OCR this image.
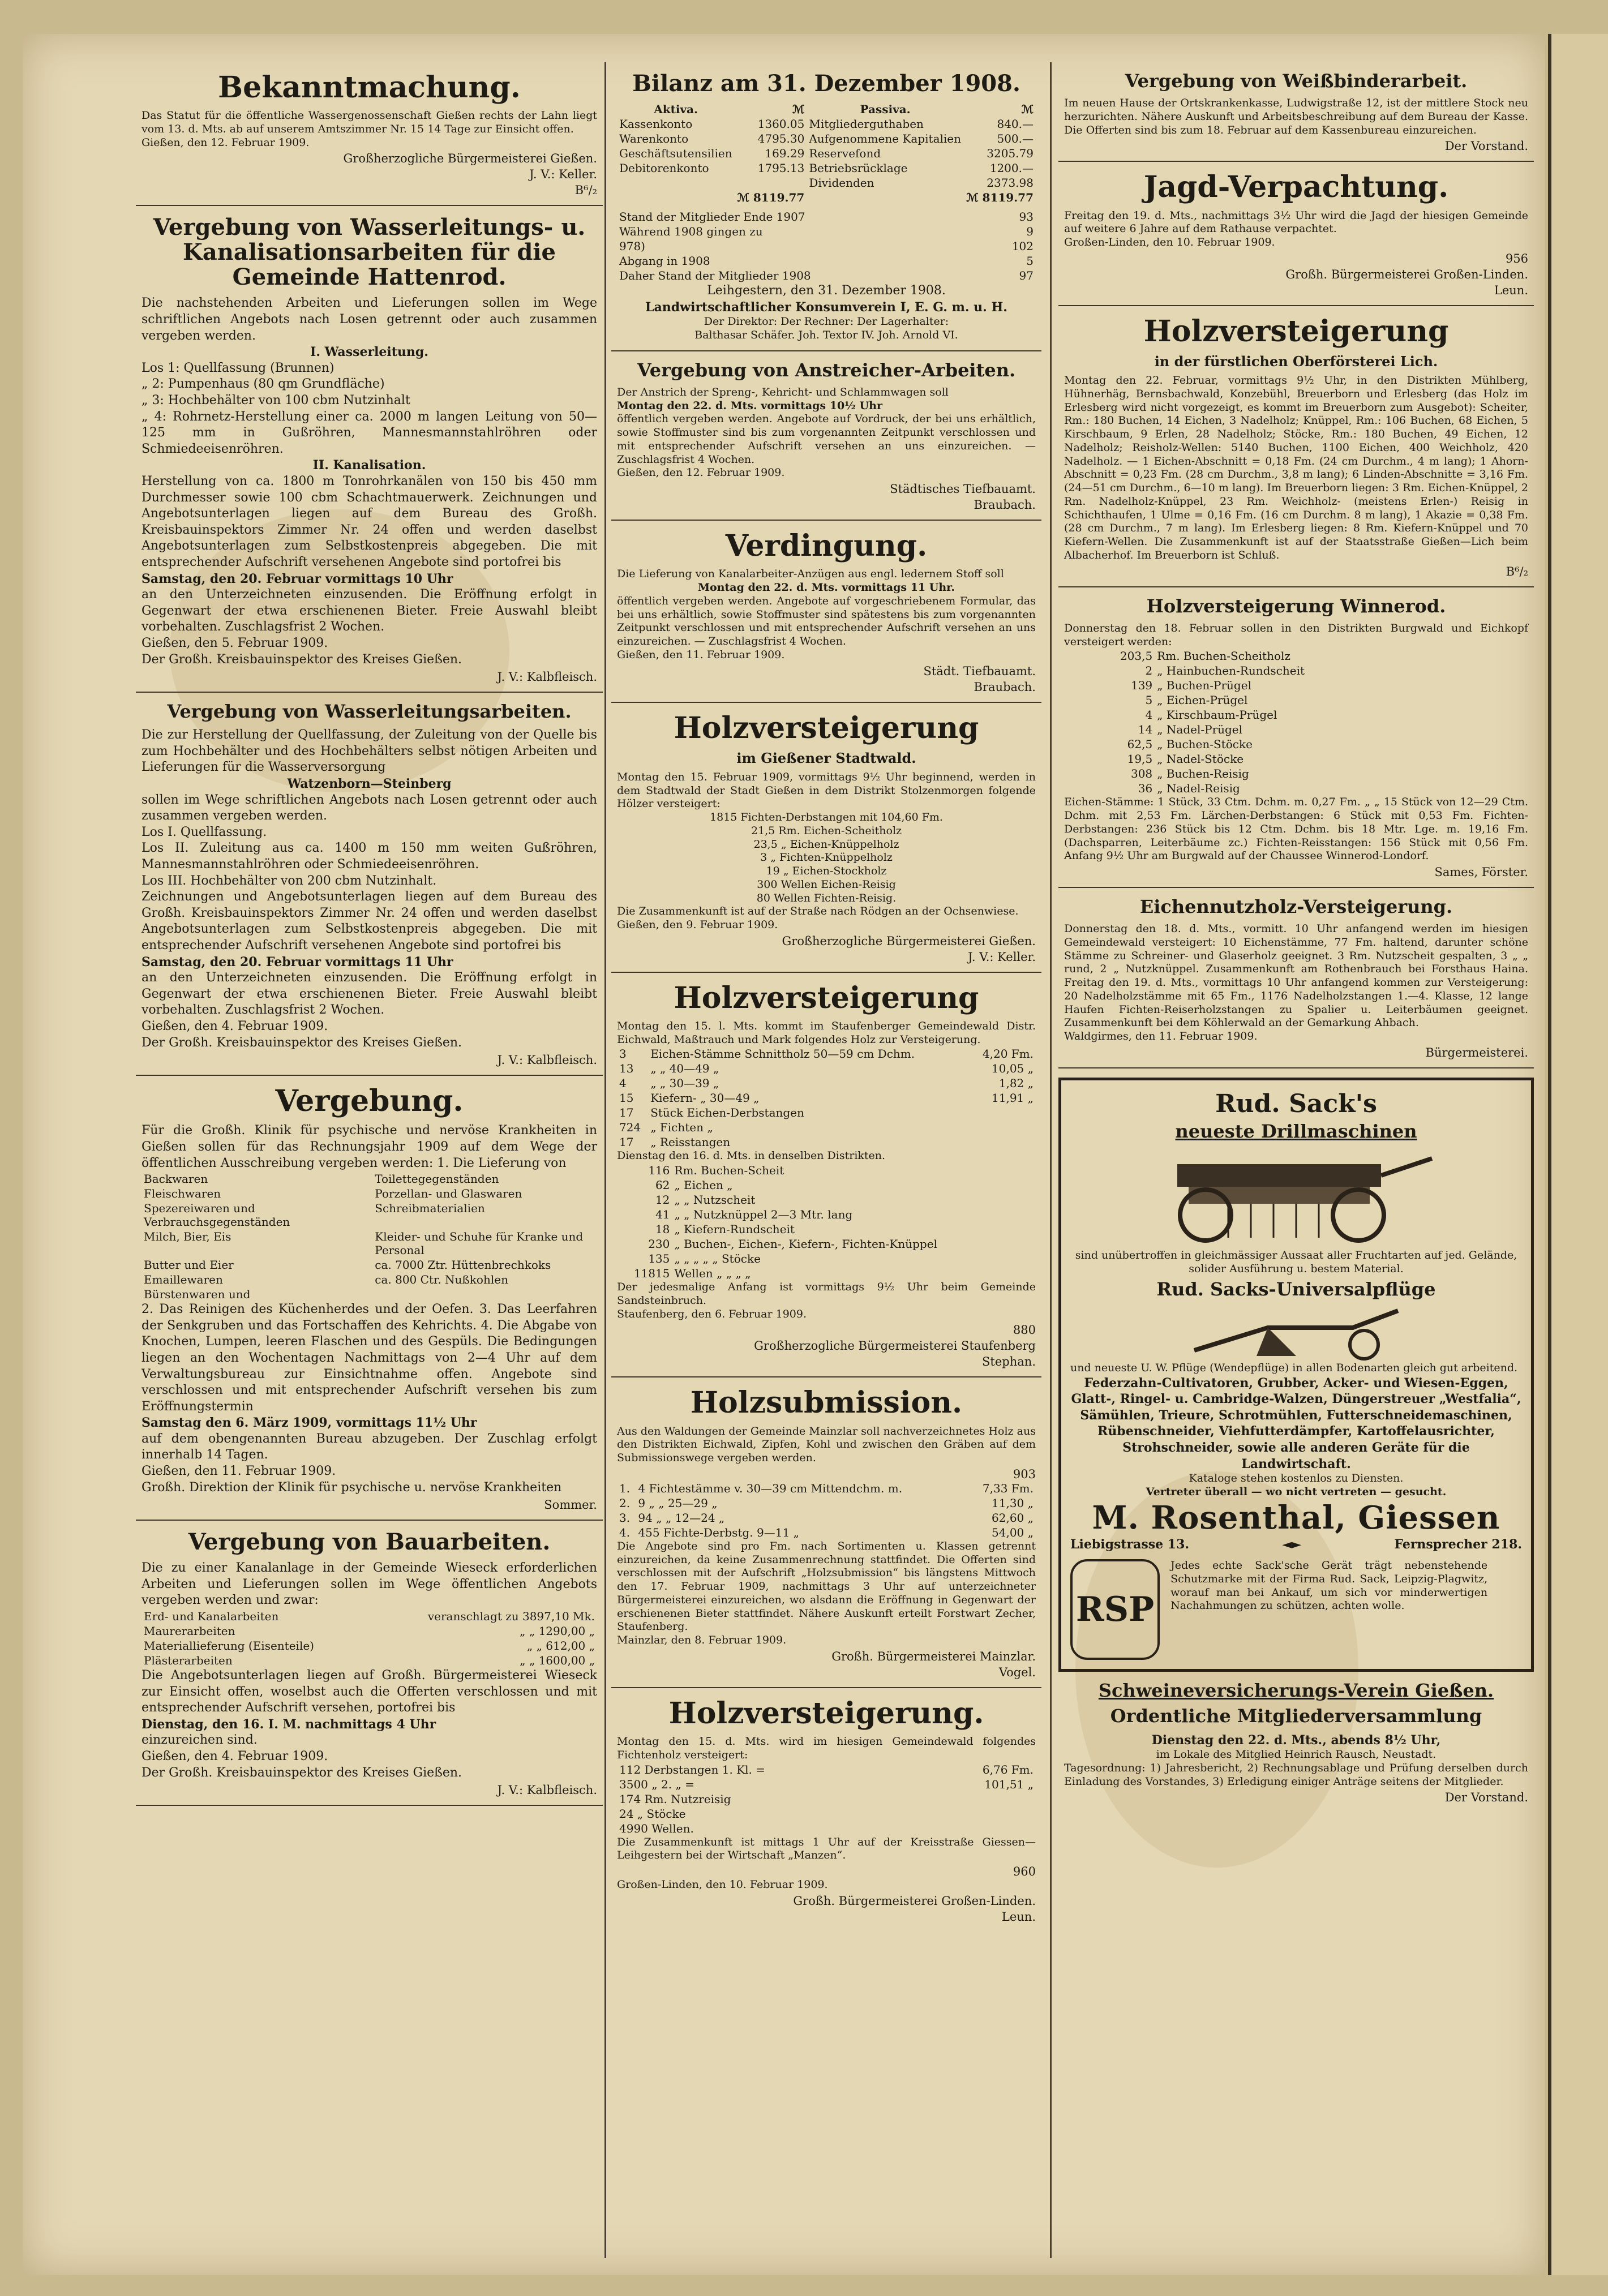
Bekanntmachung.
Das Statut für die öffentliche Wassergenossenschaft Gießen rechts der Lahn liegt vom 13. d. Mts. ab auf unserem Amtszimmer Nr. 15 14 Tage zur Einsicht offen.
Gießen, den 12. Februar 1909.
Großherzogliche Bürgermeisterei Gießen.
J. V.: Keller.
B⁶/₂
Vergebung von Wasserleitungs- u. Kanalisationsarbeiten für die Gemeinde Hattenrod.
Die nachstehenden Arbeiten und Lieferungen sollen im Wege schriftlichen Angebots nach Losen getrennt oder auch zusammen vergeben werden.
I. Wasserleitung.
Los 1: Quellfassung (Brunnen)
„ 2: Pumpenhaus (80 qm Grundfläche)
„ 3: Hochbehälter von 100 cbm Nutzinhalt
„ 4: Rohrnetz-Herstellung einer ca. 2000 m langen Leitung von 50—125 mm in Gußröhren, Mannesmannstahlröhren oder Schmiedeeisenröhren.
II. Kanalisation.
Herstellung von ca. 1800 m Tonrohrkanälen von 150 bis 450 mm Durchmesser sowie 100 cbm Schachtmauerwerk. Zeichnungen und Angebotsunterlagen liegen auf dem Bureau des Großh. Kreisbauinspektors Zimmer Nr. 24 offen und werden daselbst Angebotsunterlagen zum Selbstkostenpreis abgegeben. Die mit entsprechender Aufschrift versehenen Angebote sind portofrei bis
Samstag, den 20. Februar vormittags 10 Uhr
an den Unterzeichneten einzusenden. Die Eröffnung erfolgt in Gegenwart der etwa erschienenen Bieter. Freie Auswahl bleibt vorbehalten. Zuschlagsfrist 2 Wochen.
Gießen, den 5. Februar 1909.
Der Großh. Kreisbauinspektor des Kreises Gießen.
J. V.: Kalbfleisch.
Vergebung von Wasserleitungsarbeiten.
Die zur Herstellung der Quellfassung, der Zuleitung von der Quelle bis zum Hochbehälter und des Hochbehälters selbst nötigen Arbeiten und Lieferungen für die Wasserversorgung
Watzenborn—Steinberg
sollen im Wege schriftlichen Angebots nach Losen getrennt oder auch zusammen vergeben werden.
Los I. Quellfassung.
Los II. Zuleitung aus ca. 1400 m 150 mm weiten Gußröhren, Mannesmannstahlröhren oder Schmiedeeisenröhren.
Los III. Hochbehälter von 200 cbm Nutzinhalt.
Zeichnungen und Angebotsunterlagen liegen auf dem Bureau des Großh. Kreisbauinspektors Zimmer Nr. 24 offen und werden daselbst Angebotsunterlagen zum Selbstkostenpreis abgegeben. Die mit entsprechender Aufschrift versehenen Angebote sind portofrei bis
Samstag, den 20. Februar vormittags 11 Uhr
an den Unterzeichneten einzusenden. Die Eröffnung erfolgt in Gegenwart der etwa erschienenen Bieter. Freie Auswahl bleibt vorbehalten. Zuschlagsfrist 2 Wochen.
Gießen, den 4. Februar 1909.
Der Großh. Kreisbauinspektor des Kreises Gießen.
J. V.: Kalbfleisch.
Vergebung.
Für die Großh. Klinik für psychische und nervöse Krankheiten in Gießen sollen für das Rechnungsjahr 1909 auf dem Wege der öffentlichen Ausschreibung vergeben werden: 1. Die Lieferung von
Backwaren	Toilettegegenständen
Fleischwaren	Porzellan- und Glaswaren
Spezereiwaren und Verbrauchsgegenständen	Schreibmaterialien
Milch, Bier, Eis	Kleider- und Schuhe für Kranke und Personal
Butter und Eier	ca. 7000 Ztr. Hüttenbrechkoks
Emaillewaren	ca. 800 Ctr. Nußkohlen
Bürstenwaren und	
2. Das Reinigen des Küchenherdes und der Oefen. 3. Das Leerfahren der Senkgruben und das Fortschaffen des Kehrichts. 4. Die Abgabe von Knochen, Lumpen, leeren Flaschen und des Gespüls. Die Bedingungen liegen an den Wochentagen Nachmittags von 2—4 Uhr auf dem Verwaltungsbureau zur Einsichtnahme offen. Angebote sind verschlossen und mit entsprechender Aufschrift versehen bis zum Eröffnungstermin
Samstag den 6. März 1909, vormittags 11½ Uhr
auf dem obengenannten Bureau abzugeben. Der Zuschlag erfolgt innerhalb 14 Tagen.
Gießen, den 11. Februar 1909.
Großh. Direktion der Klinik für psychische u. nervöse Krankheiten
Sommer.
Vergebung von Bauarbeiten.
Die zu einer Kanalanlage in der Gemeinde Wieseck erforderlichen Arbeiten und Lieferungen sollen im Wege öffentlichen Angebots vergeben werden und zwar:
Erd- und Kanalarbeiten	veranschlagt zu 3897,10 Mk.
Maurerarbeiten	„ „ 1290,00 „
Materiallieferung (Eisenteile)	„ „ 612,00 „
Plästerarbeiten	„ „ 1600,00 „
Die Angebotsunterlagen liegen auf Großh. Bürgermeisterei Wieseck zur Einsicht offen, woselbst auch die Offerten verschlossen und mit entsprechender Aufschrift versehen, portofrei bis
Dienstag, den 16. I. M. nachmittags 4 Uhr
einzureichen sind.
Gießen, den 4. Februar 1909.
Der Großh. Kreisbauinspektor des Kreises Gießen.
J. V.: Kalbfleisch.
Bilanz am 31. Dezember 1908.
Aktiva.	ℳ	Passiva.	ℳ
Kassenkonto	1360.05	Mitgliederguthaben	840.—
Warenkonto	4795.30	Aufgenommene Kapitalien	500.—
Geschäftsutensilien	169.29	Reservefond	3205.79
Debitorenkonto	1795.13	Betriebsrücklage	1200.—
		Dividenden	2373.98
	ℳ 8119.77		ℳ 8119.77
Stand der Mitglieder Ende 1907	93
Während 1908 gingen zu	9
978)	102
Abgang in 1908	5
Daher Stand der Mitglieder 1908	97
Leihgestern, den 31. Dezember 1908.
Landwirtschaftlicher Konsumverein I, E. G. m. u. H.
Der Direktor: Der Rechner: Der Lagerhalter:
Balthasar Schäfer. Joh. Textor IV. Joh. Arnold VI.
Vergebung von Anstreicher-Arbeiten.
Der Anstrich der Spreng-, Kehricht- und Schlammwagen soll
Montag den 22. d. Mts. vormittags 10½ Uhr
öffentlich vergeben werden. Angebote auf Vordruck, der bei uns erhältlich, sowie Stoffmuster sind bis zum vorgenannten Zeitpunkt verschlossen und mit entsprechender Aufschrift versehen an uns einzureichen. — Zuschlagsfrist 4 Wochen.
Gießen, den 12. Februar 1909.
Städtisches Tiefbauamt.
Braubach.
Verdingung.
Die Lieferung von Kanalarbeiter-Anzügen aus engl. ledernem Stoff soll
Montag den 22. d. Mts. vormittags 11 Uhr.
öffentlich vergeben werden. Angebote auf vorgeschriebenem Formular, das bei uns erhältlich, sowie Stoffmuster sind spätestens bis zum vorgenannten Zeitpunkt verschlossen und mit entsprechender Aufschrift versehen an uns einzureichen. — Zuschlagsfrist 4 Wochen.
Gießen, den 11. Februar 1909.
Städt. Tiefbauamt.
Braubach.
Holzversteigerung
im Gießener Stadtwald.
Montag den 15. Februar 1909, vormittags 9½ Uhr beginnend, werden in dem Stadtwald der Stadt Gießen in dem Distrikt Stolzenmorgen folgende Hölzer versteigert:
1815 Fichten-Derbstangen mit 104,60 Fm.
21,5 Rm. Eichen-Scheitholz
23,5 „ Eichen-Knüppelholz
3 „ Fichten-Knüppelholz
19 „ Eichen-Stockholz
300 Wellen Eichen-Reisig
80 Wellen Fichten-Reisig.
Die Zusammenkunft ist auf der Straße nach Rödgen an der Ochsenwiese.
Gießen, den 9. Februar 1909.
Großherzogliche Bürgermeisterei Gießen.
J. V.: Keller.
Holzversteigerung
Montag den 15. l. Mts. kommt im Staufenberger Gemeindewald Distr. Eichwald, Maßtrauch und Mark folgendes Holz zur Versteigerung.
3	Eichen-Stämme Schnittholz 50—59 cm Dchm.	4,20 Fm.
13	„ „ 40—49 „	10,05 „
4	„ „ 30—39 „	1,82 „
15	Kiefern- „ 30—49 „	11,91 „
17	Stück Eichen-Derbstangen	
724	„ Fichten „	
17	„ Reisstangen	
Dienstag den 16. d. Mts. in denselben Distrikten.
116	Rm. Buchen-Scheit
62	„ Eichen „
12	„ „ Nutzscheit
41	„ „ Nutzknüppel 2—3 Mtr. lang
18	„ Kiefern-Rundscheit
230	„ Buchen-, Eichen-, Kiefern-, Fichten-Knüppel
135	„ „ „ „ „ Stöcke
11815	Wellen „ „ „ „
Der jedesmalige Anfang ist vormittags 9½ Uhr beim Gemeinde Sandsteinbruch.
Staufenberg, den 6. Februar 1909.
880
Großherzogliche Bürgermeisterei Staufenberg
Stephan.
Holzsubmission.
Aus den Waldungen der Gemeinde Mainzlar soll nachverzeichnetes Holz aus den Distrikten Eichwald, Zipfen, Kohl und zwischen den Gräben auf dem Submissionswege vergeben werden.
903
1.	4 Fichtestämme v. 30—39 cm Mittendchm. m.	7,33 Fm.
2.	9 „ „ 25—29 „	11,30 „
3.	94 „ „ 12—24 „	62,60 „
4.	455 Fichte-Derbstg. 9—11 „	54,00 „
Die Angebote sind pro Fm. nach Sortimenten u. Klassen getrennt einzureichen, da keine Zusammenrechnung stattfindet. Die Offerten sind verschlossen mit der Aufschrift „Holzsubmission“ bis längstens Mittwoch den 17. Februar 1909, nachmittags 3 Uhr auf unterzeichneter Bürgermeisterei einzureichen, wo alsdann die Eröffnung in Gegenwart der erschienenen Bieter stattfindet. Nähere Auskunft erteilt Forstwart Zecher, Staufenberg.
Mainzlar, den 8. Februar 1909.
Großh. Bürgermeisterei Mainzlar.
Vogel.
Holzversteigerung.
Montag den 15. d. Mts. wird im hiesigen Gemeindewald folgendes Fichtenholz versteigert:
112 Derbstangen 1. Kl. =	6,76 Fm.
3500 „ 2. „ =	101,51 „
174 Rm. Nutzreisig	
24 „ Stöcke	
4990 Wellen.	
Die Zusammenkunft ist mittags 1 Uhr auf der Kreisstraße Giessen—Leihgestern bei der Wirtschaft „Manzen“.
960
Großen-Linden, den 10. Februar 1909.
Großh. Bürgermeisterei Großen-Linden.
Leun.
Vergebung von Weißbinderarbeit.
Im neuen Hause der Ortskrankenkasse, Ludwigstraße 12, ist der mittlere Stock neu herzurichten. Nähere Auskunft und Arbeitsbeschreibung auf dem Bureau der Kasse. Die Offerten sind bis zum 18. Februar auf dem Kassenbureau einzureichen.
Der Vorstand.
Jagd-Verpachtung.
Freitag den 19. d. Mts., nachmittags 3½ Uhr wird die Jagd der hiesigen Gemeinde auf weitere 6 Jahre auf dem Rathause verpachtet.
Großen-Linden, den 10. Februar 1909.
956
Großh. Bürgermeisterei Großen-Linden.
Leun.
Holzversteigerung
in der fürstlichen Oberförsterei Lich.
Montag den 22. Februar, vormittags 9½ Uhr, in den Distrikten Mühlberg, Hühnerhäg, Bernsbachwald, Konzebühl, Breuerborn und Erlesberg (das Holz im Erlesberg wird nicht vorgezeigt, es kommt im Breuerborn zum Ausgebot): Scheiter, Rm.: 180 Buchen, 14 Eichen, 3 Nadelholz; Knüppel, Rm.: 106 Buchen, 68 Eichen, 5 Kirschbaum, 9 Erlen, 28 Nadelholz; Stöcke, Rm.: 180 Buchen, 49 Eichen, 12 Nadelholz; Reisholz-Wellen: 5140 Buchen, 1100 Eichen, 400 Weichholz, 420 Nadelholz. — 1 Eichen-Abschnitt = 0,18 Fm. (24 cm Durchm., 4 m lang); 1 Ahorn-Abschnitt = 0,23 Fm. (28 cm Durchm., 3,8 m lang); 6 Linden-Abschnitte = 3,16 Fm. (24—51 cm Durchm., 6—10 m lang). Im Breuerborn liegen: 3 Rm. Eichen-Knüppel, 2 Rm. Nadelholz-Knüppel, 23 Rm. Weichholz- (meistens Erlen-) Reisig in Schichthaufen, 1 Ulme = 0,16 Fm. (16 cm Durchm. 8 m lang), 1 Akazie = 0,38 Fm. (28 cm Durchm., 7 m lang). Im Erlesberg liegen: 8 Rm. Kiefern-Knüppel und 70 Kiefern-Wellen. Die Zusammenkunft ist auf der Staatsstraße Gießen—Lich beim Albacherhof. Im Breuerborn ist Schluß.
B⁶/₂
Holzversteigerung Winnerod.
Donnerstag den 18. Februar sollen in den Distrikten Burgwald und Eichkopf versteigert werden:
203,5	Rm. Buchen-Scheitholz
2	„ Hainbuchen-Rundscheit
139	„ Buchen-Prügel
5	„ Eichen-Prügel
4	„ Kirschbaum-Prügel
14	„ Nadel-Prügel
62,5	„ Buchen-Stöcke
19,5	„ Nadel-Stöcke
308	„ Buchen-Reisig
36	„ Nadel-Reisig
Eichen-Stämme: 1 Stück, 33 Ctm. Dchm. m. 0,27 Fm. „ „ 15 Stück von 12—29 Ctm. Dchm. mit 2,53 Fm. Lärchen-Derbstangen: 6 Stück mit 0,53 Fm. Fichten-Derbstangen: 236 Stück bis 12 Ctm. Dchm. bis 18 Mtr. Lge. m. 19,16 Fm. (Dachsparren, Leiterbäume zc.) Fichten-Reisstangen: 156 Stück mit 0,56 Fm. Anfang 9½ Uhr am Burgwald auf der Chaussee Winnerod-Londorf.
Sames, Förster.
Eichennutzholz-Versteigerung.
Donnerstag den 18. d. Mts., vormitt. 10 Uhr anfangend werden im hiesigen Gemeindewald versteigert: 10 Eichenstämme, 77 Fm. haltend, darunter schöne Stämme zu Schreiner- und Glaserholz geeignet. 3 Rm. Nutzscheit gespalten, 3 „ „ rund, 2 „ Nutzknüppel. Zusammenkunft am Rothenbrauch bei Forsthaus Haina. Freitag den 19. d. Mts., vormittags 10 Uhr anfangend kommen zur Versteigerung: 20 Nadelholzstämme mit 65 Fm., 1176 Nadelholzstangen 1.—4. Klasse, 12 lange Haufen Fichten-Reiserholzstangen zu Spalier u. Leiterbäumen geeignet. Zusammenkunft bei dem Köhlerwald an der Gemarkung Ahbach.
Waldgirmes, den 11. Februar 1909.
Bürgermeisterei.
Rud. Sack's
neueste Drillmaschinen
sind unübertroffen in gleichmässiger Aussaat aller Fruchtarten auf jed. Gelände, solider Ausführung u. bestem Material.
Rud. Sacks-Universalpflüge
und neueste U. W. Pflüge (Wendepflüge) in allen Bodenarten gleich gut arbeitend.
Federzahn-Cultivatoren, Grubber, Acker- und Wiesen-Eggen, Glatt-, Ringel- u. Cambridge-Walzen, Düngerstreuer „Westfalia“, Sämühlen, Trieure, Schrotmühlen, Futterschneidemaschinen, Rübenschneider, Viehfutterdämpfer, Kartoffelausrichter, Strohschneider, sowie alle anderen Geräte für die Landwirtschaft.
Kataloge stehen kostenlos zu Diensten.
Vertreter überall — wo nicht vertreten — gesucht.
M. Rosenthal, Giessen
Liebigstrasse 13.	◄►	Fernsprecher 218.
RSP Jedes echte Sack'sche Gerät trägt nebenstehende Schutzmarke mit der Firma Rud. Sack, Leipzig-Plagwitz, worauf man bei Ankauf, um sich vor minderwertigen Nachahmungen zu schützen, achten wolle.
Schweineversicherungs-Verein Gießen.
Ordentliche Mitgliederversammlung
Dienstag den 22. d. Mts., abends 8½ Uhr,
im Lokale des Mitglied Heinrich Rausch, Neustadt.
Tagesordnung: 1) Jahresbericht, 2) Rechnungsablage und Prüfung derselben durch Einladung des Vorstandes, 3) Erledigung einiger Anträge seitens der Mitglieder.
Der Vorstand.
